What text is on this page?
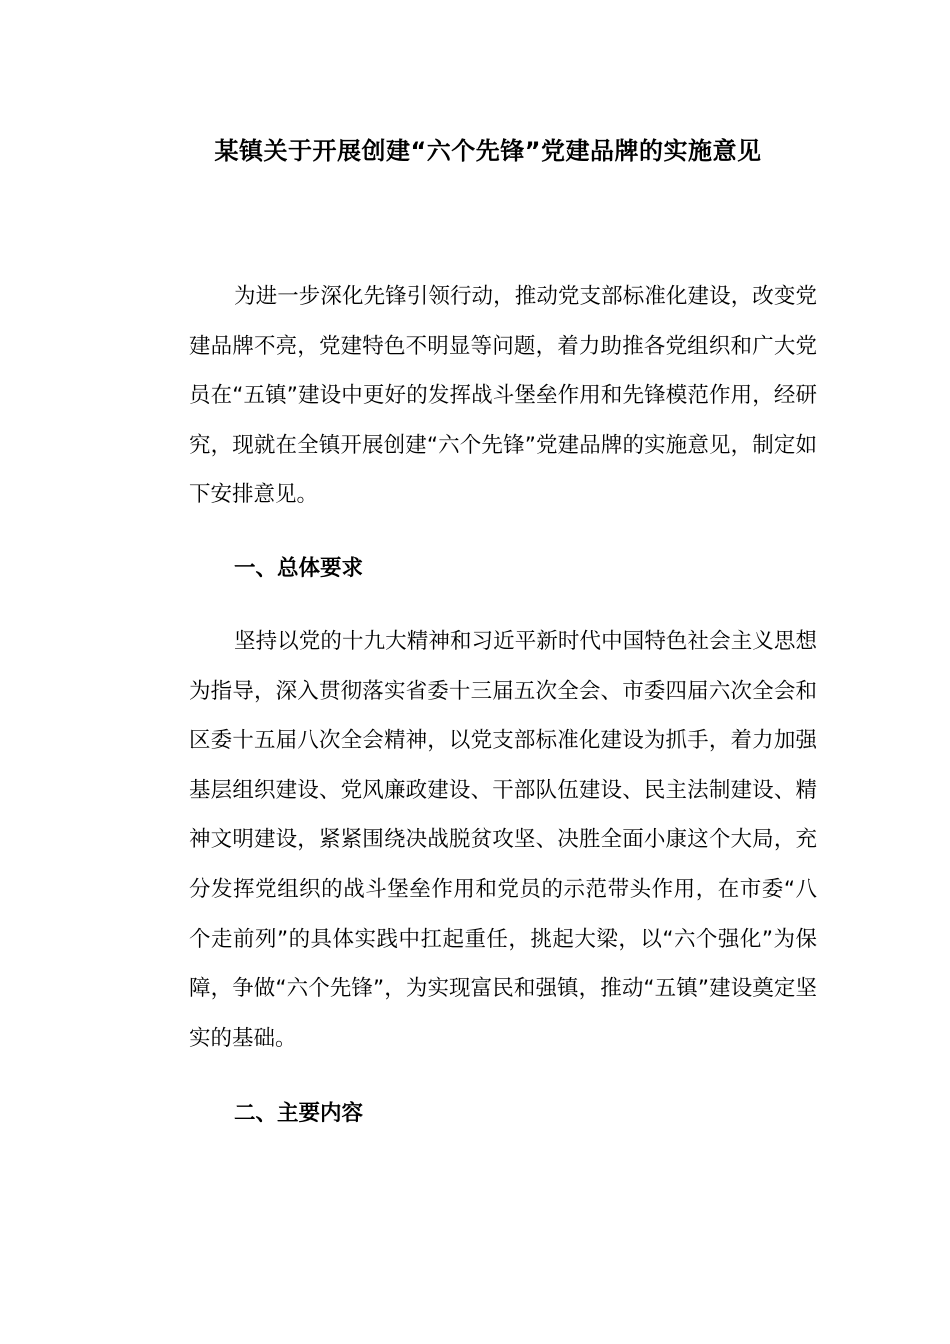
某镇关于开展创建“六个先锋”党建品牌的实施意见

为进一步深化先锋引领行动，推动党支部标准化建设，改变党建品牌不亮，党建特色不明显等问题，着力助推各党组织和广大党员在“五镇”建设中更好的发挥战斗堡垒作用和先锋模范作用，经研究，现就在全镇开展创建“六个先锋”党建品牌的实施意见，制定如下安排意见。

一、总体要求

坚持以党的十九大精神和习近平新时代中国特色社会主义思想为指导，深入贯彻落实省委十三届五次全会、市委四届六次全会和区委十五届八次全会精神，以党支部标准化建设为抓手，着力加强基层组织建设、党风廉政建设、干部队伍建设、民主法制建设、精神文明建设，紧紧围绕决战脱贫攻坚、决胜全面小康这个大局，充分发挥党组织的战斗堡垒作用和党员的示范带头作用，在市委“八个走前列”的具体实践中扛起重任，挑起大梁，以“六个强化”为保障，争做“六个先锋”，为实现富民和强镇，推动“五镇”建设奠定坚实的基础。

二、主要内容
